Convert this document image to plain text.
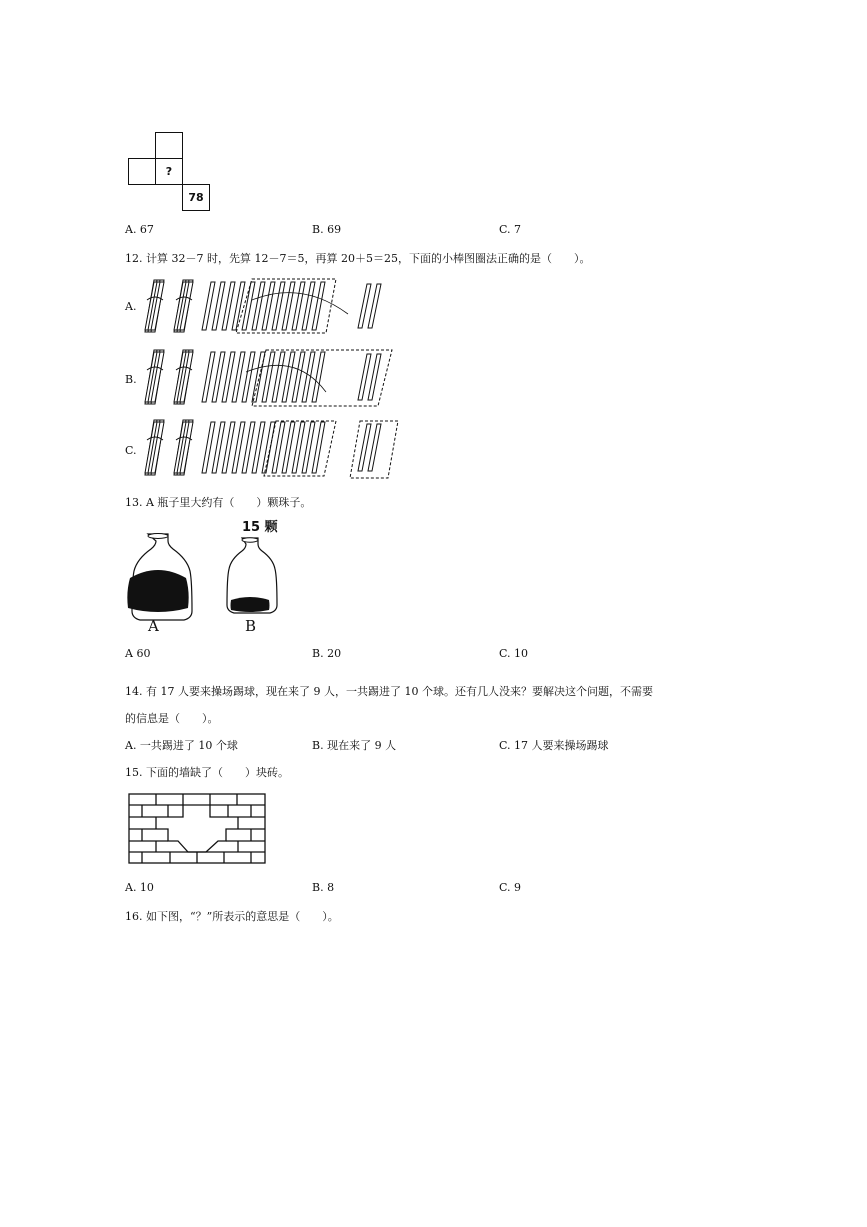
?
78
A. 67	B. 69	C. 7
12. 计算 32－7 时，先算 12－7＝5，再算 20＋5＝25，下面的小棒图圈法正确的是（　　）。
A.
B.
C.
13. A 瓶子里大约有（　　）颗珠子。
15 颗
A	B
A 60	B. 20	C. 10
14. 有 17 人要来操场踢球，现在来了 9 人，一共踢进了 10 个球。还有几人没来？要解决这个问题，不需要
的信息是（　　）。
A. 一共踢进了 10 个球	B. 现在来了 9 人	C. 17 人要来操场踢球
15. 下面的墙缺了（　　）块砖。
A. 10	B. 8	C. 9
16. 如下图，“？”所表示的意思是（　　）。
